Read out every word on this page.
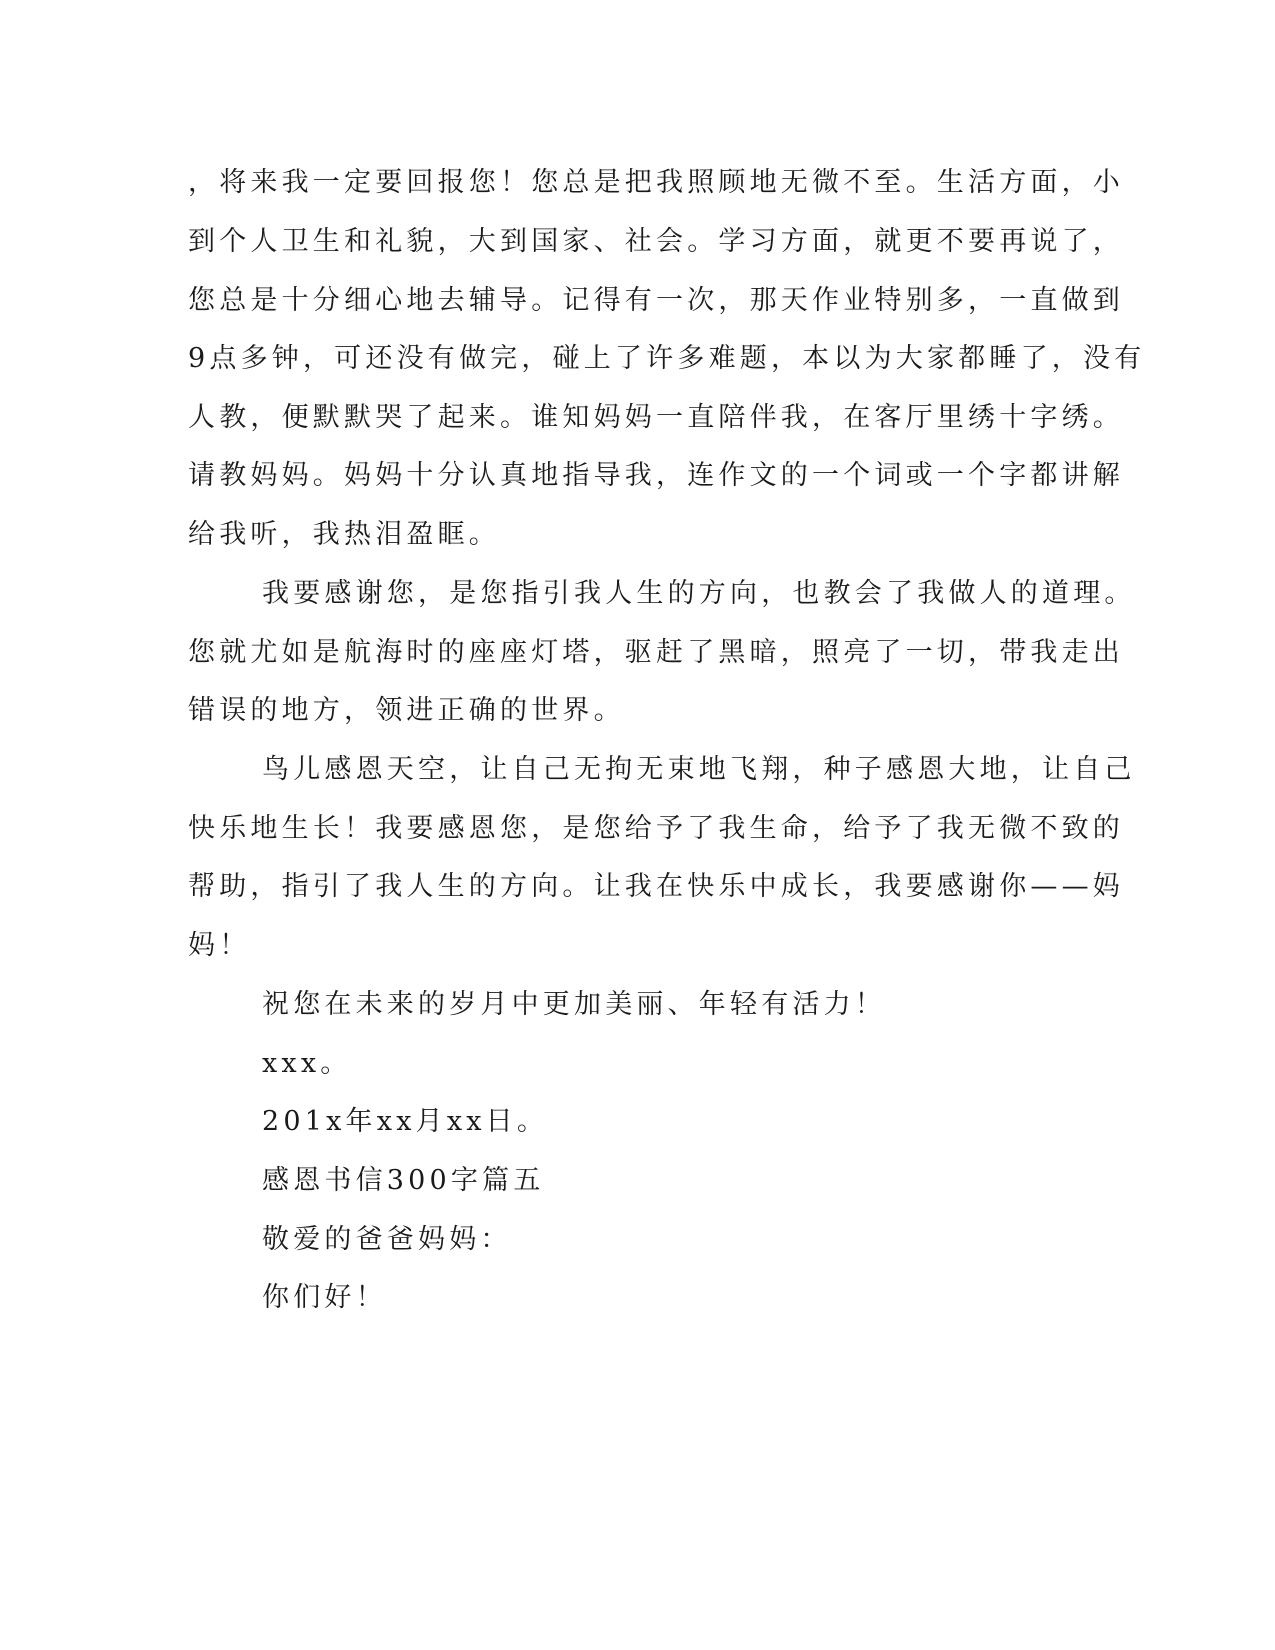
，将来我一定要回报您！您总是把我照顾地无微不至。生活方面，小
到个人卫生和礼貌，大到国家、社会。学习方面，就更不要再说了，
您总是十分细心地去辅导。记得有一次，那天作业特别多，一直做到
9点多钟，可还没有做完，碰上了许多难题，本以为大家都睡了，没有
人教，便默默哭了起来。谁知妈妈一直陪伴我，在客厅里绣十字绣。
请教妈妈。妈妈十分认真地指导我，连作文的一个词或一个字都讲解
给我听，我热泪盈眶。
我要感谢您，是您指引我人生的方向，也教会了我做人的道理。
您就尤如是航海时的座座灯塔，驱赶了黑暗，照亮了一切，带我走出
错误的地方，领进正确的世界。
鸟儿感恩天空，让自己无拘无束地飞翔，种子感恩大地，让自己
快乐地生长！我要感恩您，是您给予了我生命，给予了我无微不致的
帮助，指引了我人生的方向。让我在快乐中成长，我要感谢你——妈
妈！
祝您在未来的岁月中更加美丽、年轻有活力！
xxx。
201x年xx月xx日。
感恩书信300字篇五
敬爱的爸爸妈妈：
你们好！
